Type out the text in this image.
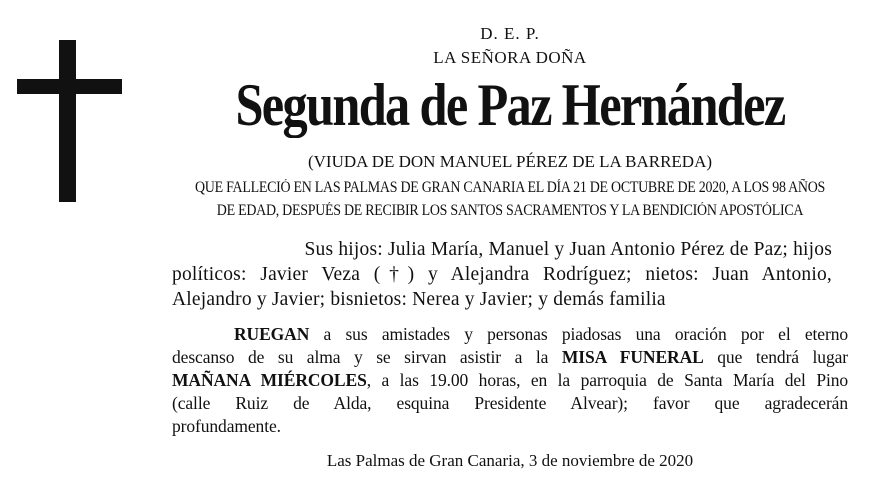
D. E. P.
LA SEÑORA DOÑA
Segunda de Paz Hernández
(VIUDA DE DON MANUEL PÉREZ DE LA BARREDA)
QUE FALLECIÓ EN LAS PALMAS DE GRAN CANARIA EL DÍA 21 DE OCTUBRE DE 2020, A LOS 98 AÑOS
DE EDAD, DESPUÉS DE RECIBIR LOS SANTOS SACRAMENTOS Y LA BENDICIÓN APOSTÓLICA
Sus hijos: Julia María, Manuel y Juan Antonio Pérez de Paz; hijos
políticos: Javier Veza (†) y Alejandra Rodríguez; nietos: Juan Antonio,
Alejandro y Javier; bisnietos: Nerea y Javier; y demás familia
RUEGAN a sus amistades y personas piadosas una oración por el eterno
descanso de su alma y se sirvan asistir a la MISA FUNERAL que tendrá lugar
MAÑANA MIÉRCOLES, a las 19.00 horas, en la parroquia de Santa María del Pino
(calle Ruiz de Alda, esquina Presidente Alvear); favor que agradecerán
profundamente.
Las Palmas de Gran Canaria, 3 de noviembre de 2020
